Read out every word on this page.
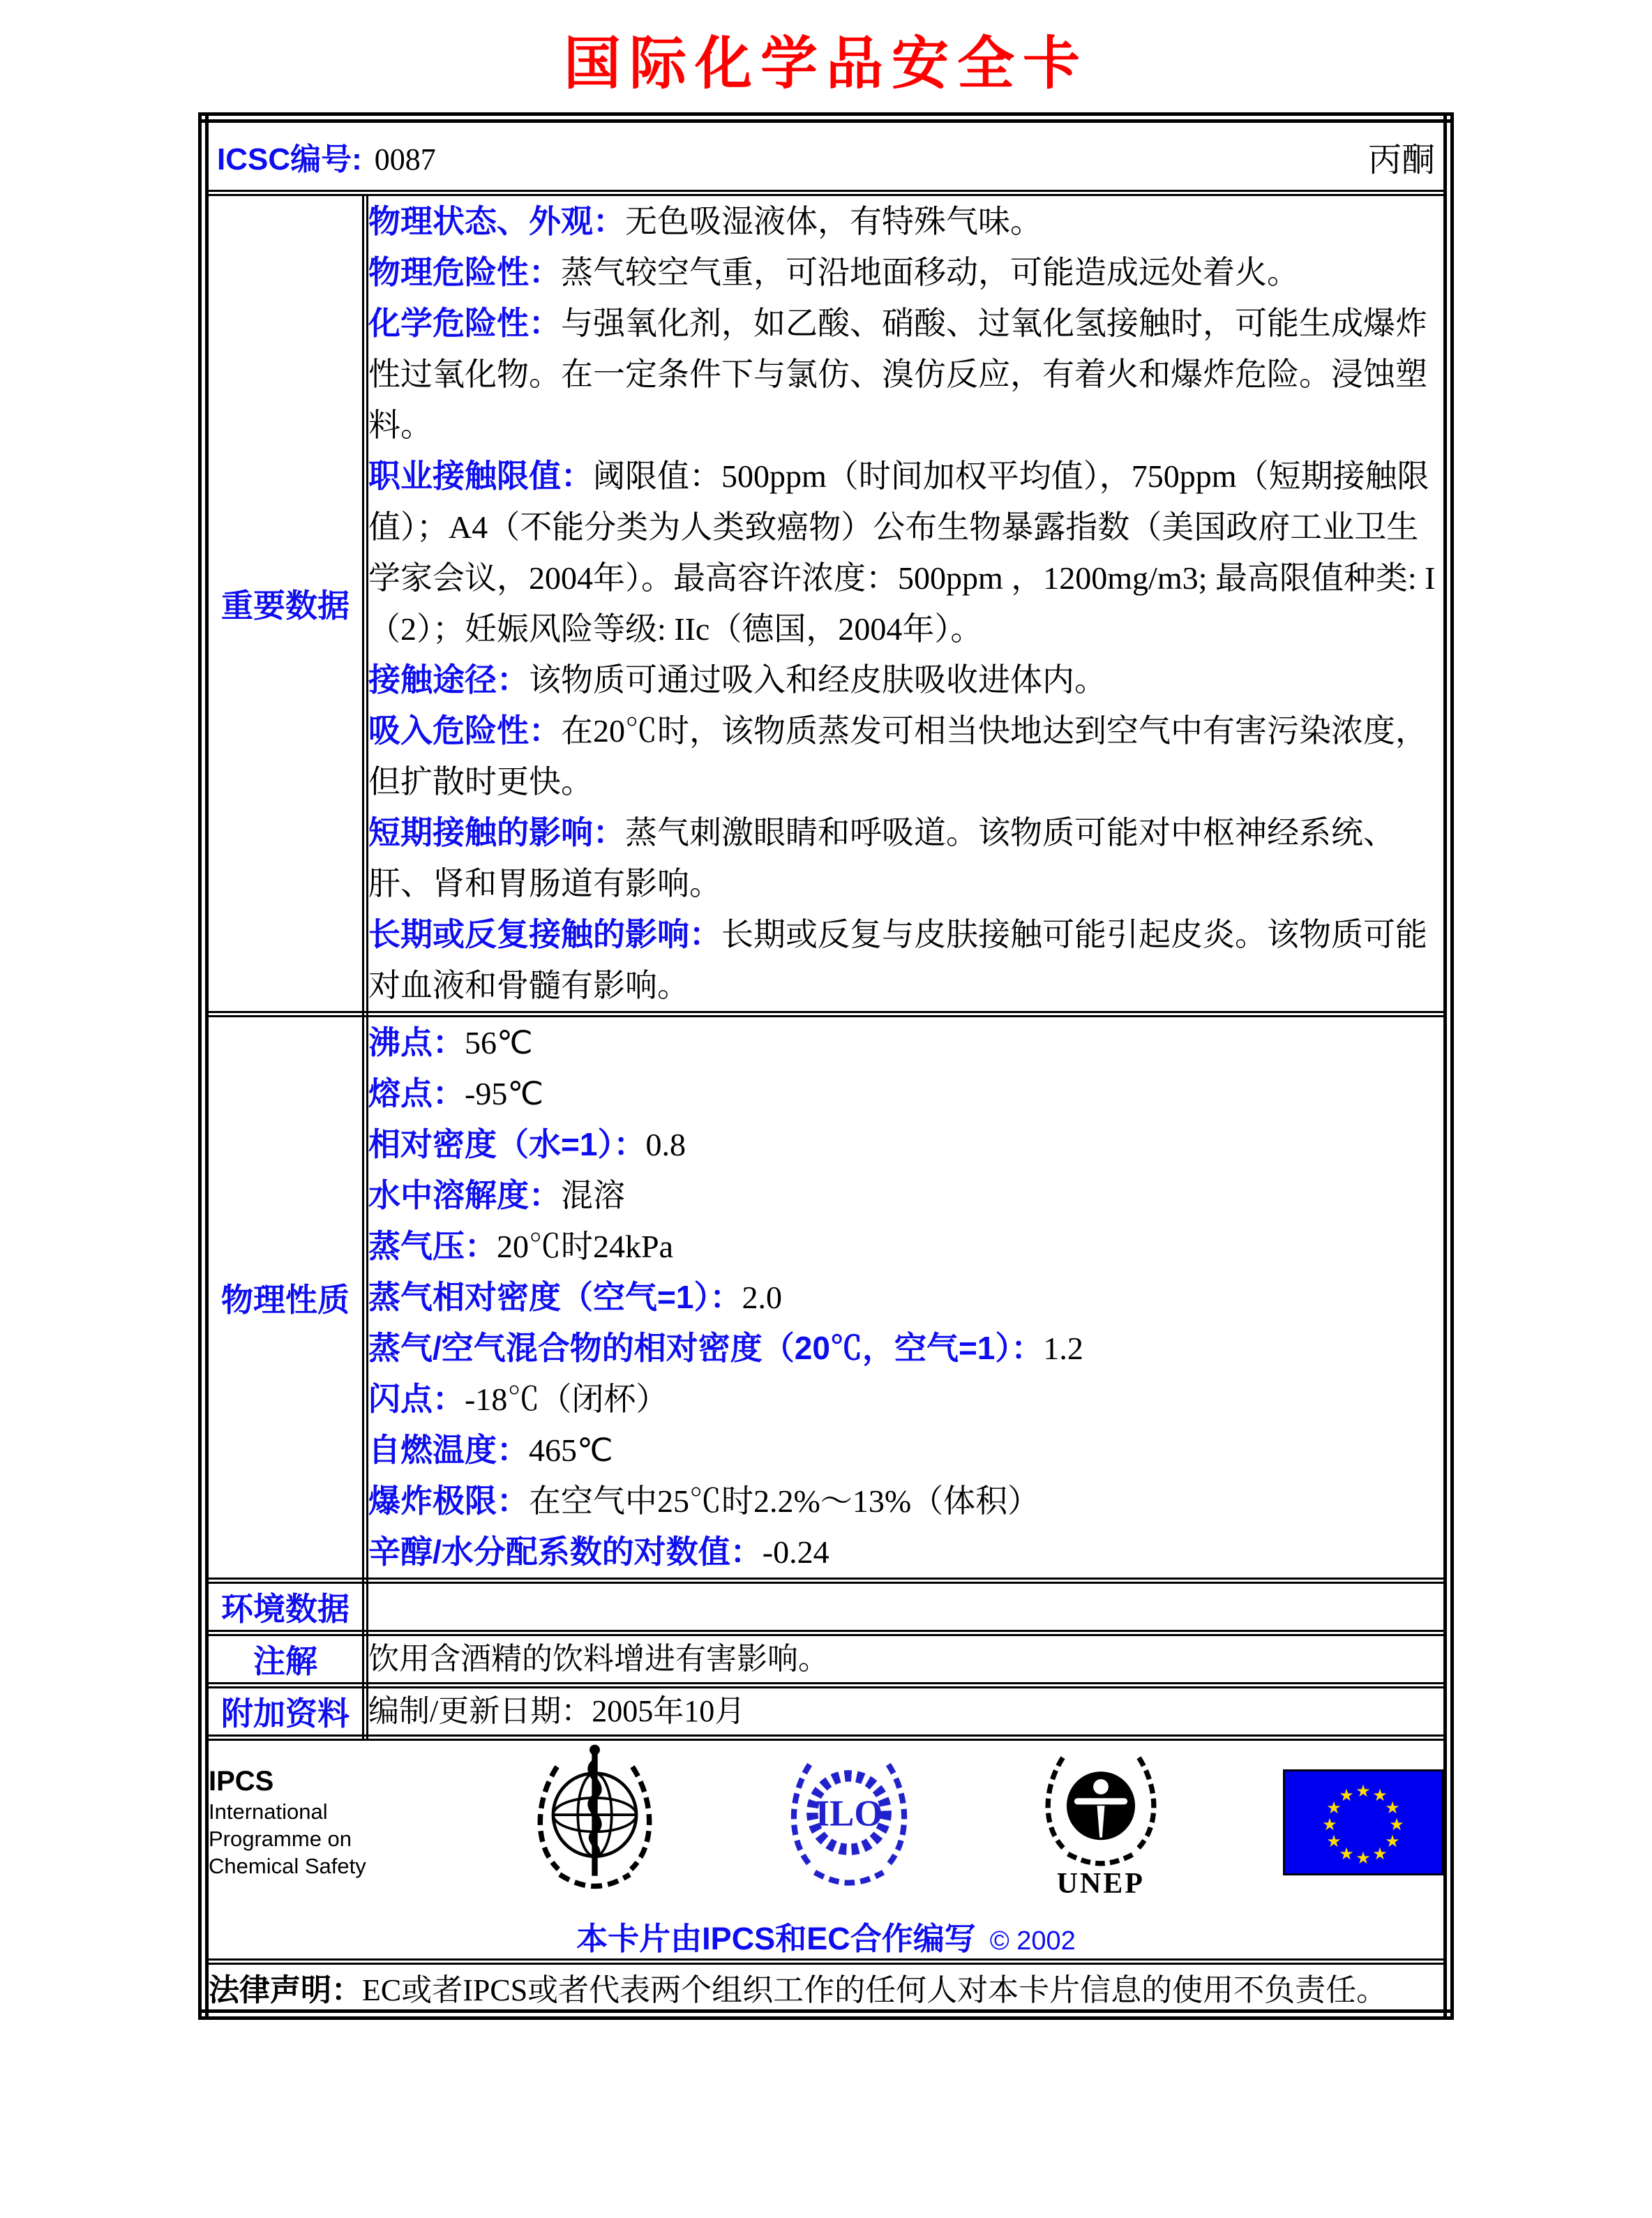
国际化学品安全卡
ICSC编号: 0087 丙酮	

重要数据	

物理状态、外观：无色吸湿液体，有特殊气味。

物理危险性：蒸气较空气重，可沿地面移动，可能造成远处着火。

化学危险性：与强氧化剂，如乙酸、硝酸、过氧化氢接触时，可能生成爆炸性过氧化物。在一定条件下与氯仿、溴仿反应，有着火和爆炸危险。浸蚀塑料。

职业接触限值：阈限值：500ppm（时间加权平均值），750ppm（短期接触限值）；A4（不能分类为人类致癌物）公布生物暴露指数（美国政府工业卫生学家会议，2004年）。最高容许浓度：500ppm ，1200mg/m3; 最高限值种类: I（2）；妊娠风险等级: IIc（德国，2004年）。

接触途径：该物质可通过吸入和经皮肤吸收进体内。

吸入危险性：在20℃时，该物质蒸发可相当快地达到空气中有害污染浓度，但扩散时更快。

短期接触的影响：蒸气刺激眼睛和呼吸道。该物质可能对中枢神经系统、肝、肾和胃肠道有影响。

长期或反复接触的影响：长期或反复与皮肤接触可能引起皮炎。该物质可能对血液和骨髓有影响。

物理性质	

沸点：56℃

熔点：-95℃

相对密度（水=1）：0.8

水中溶解度：混溶

蒸气压：20℃时24kPa

蒸气相对密度（空气=1）：2.0

蒸气/空气混合物的相对密度（20℃，空气=1）：1.2

闪点：-18℃（闭杯）

自燃温度：465℃

爆炸极限：在空气中25℃时2.2%～13%（体积）

辛醇/水分配系数的对数值：-0.24

环境数据	
注解	饮用含酒精的饮料增进有害影响。
附加资料	编制/更新日期：2005年10月

IPCS
International
Programme on
Chemical Safety
ILO
UNEP
★ ★
★
★
★
★
★
★
★
★
★
★
本卡片由IPCS和EC合作编写 © 2002

法律声明：EC或者IPCS或者代表两个组织工作的任何人对本卡片信息的使用不负责任。	
